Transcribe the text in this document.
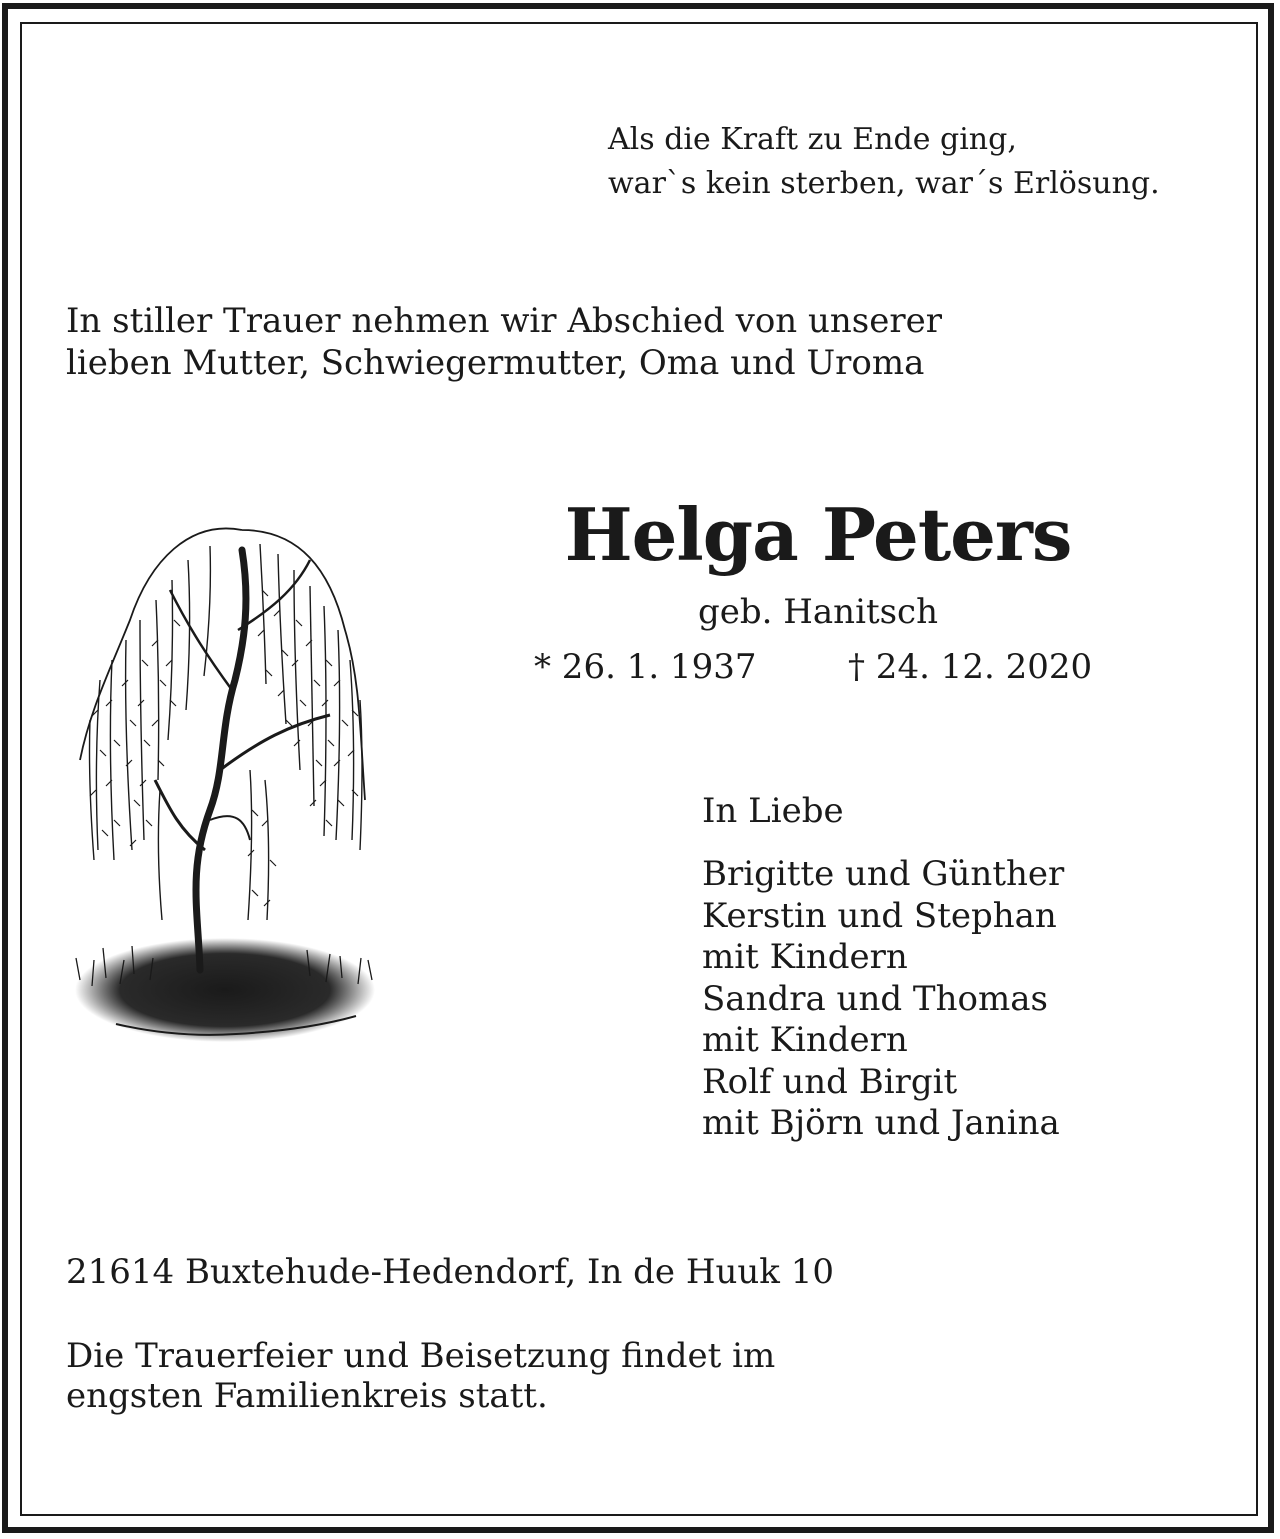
Als die Kraft zu Ende ging,
war`s kein sterben, war´s Erlösung.
In stiller Trauer nehmen wir Abschied von unserer
lieben Mutter, Schwiegermutter, Oma und Uroma
Helga Peters
geb. Hanitsch
* 26. 1. 1937	† 24. 12. 2020
In Liebe
Brigitte und Günther
Kerstin und Stephan
mit Kindern
Sandra und Thomas
mit Kindern
Rolf und Birgit
mit Björn und Janina
21614 Buxtehude-Hedendorf, In de Huuk 10
Die Trauerfeier und Beisetzung findet im
engsten Familienkreis statt.
